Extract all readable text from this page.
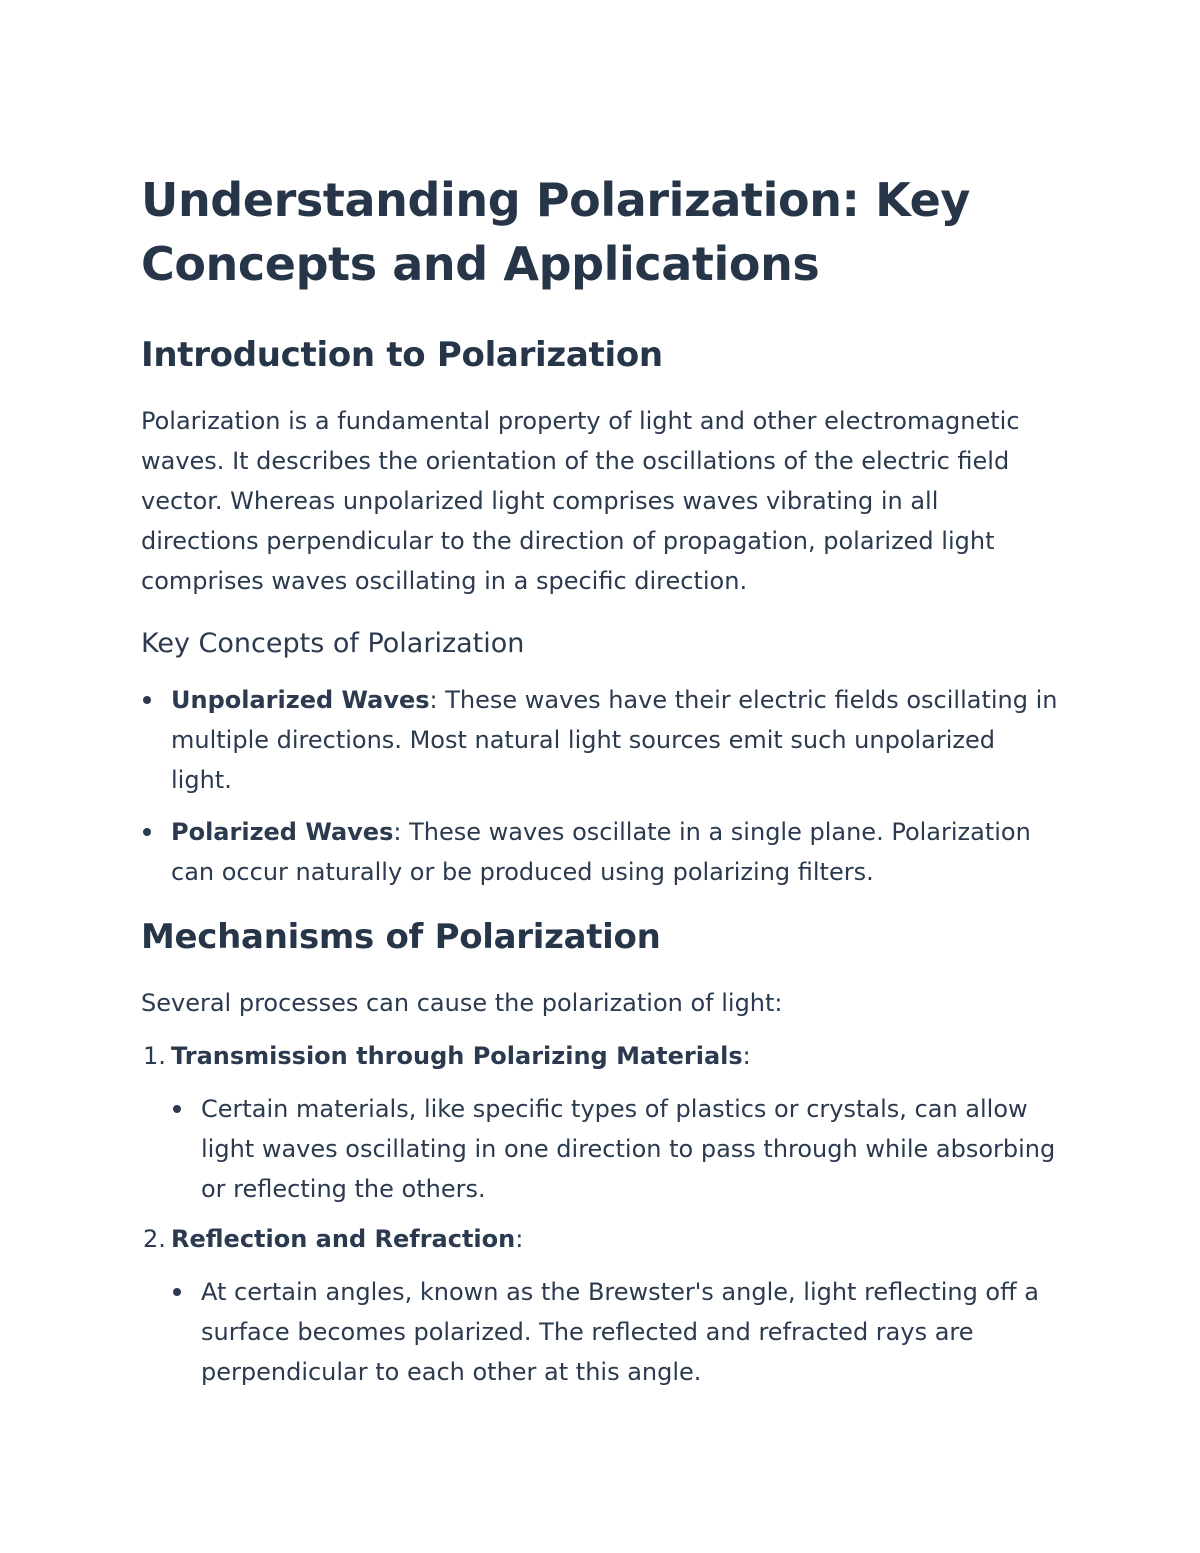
Understanding Polarization: Key Concepts and Applications
Introduction to Polarization

Polarization is a fundamental property of light and other electromagnetic waves. It describes the orientation of the oscillations of the electric field vector. Whereas unpolarized light comprises waves vibrating in all directions perpendicular to the direction of propagation, polarized light comprises waves oscillating in a specific direction.

Key Concepts of Polarization
Unpolarized Waves: These waves have their electric fields oscillating in multiple directions. Most natural light sources emit such unpolarized light.
Polarized Waves: These waves oscillate in a single plane. Polarization can occur naturally or be produced using polarizing filters.
Mechanisms of Polarization

Several processes can cause the polarization of light:

1. Transmission through Polarizing Materials:
Certain materials, like specific types of plastics or crystals, can allow light waves oscillating in one direction to pass through while absorbing or reflecting the others.
2. Reflection and Refraction:
At certain angles, known as the Brewster's angle, light reflecting off a surface becomes polarized. The reflected and refracted rays are perpendicular to each other at this angle.
